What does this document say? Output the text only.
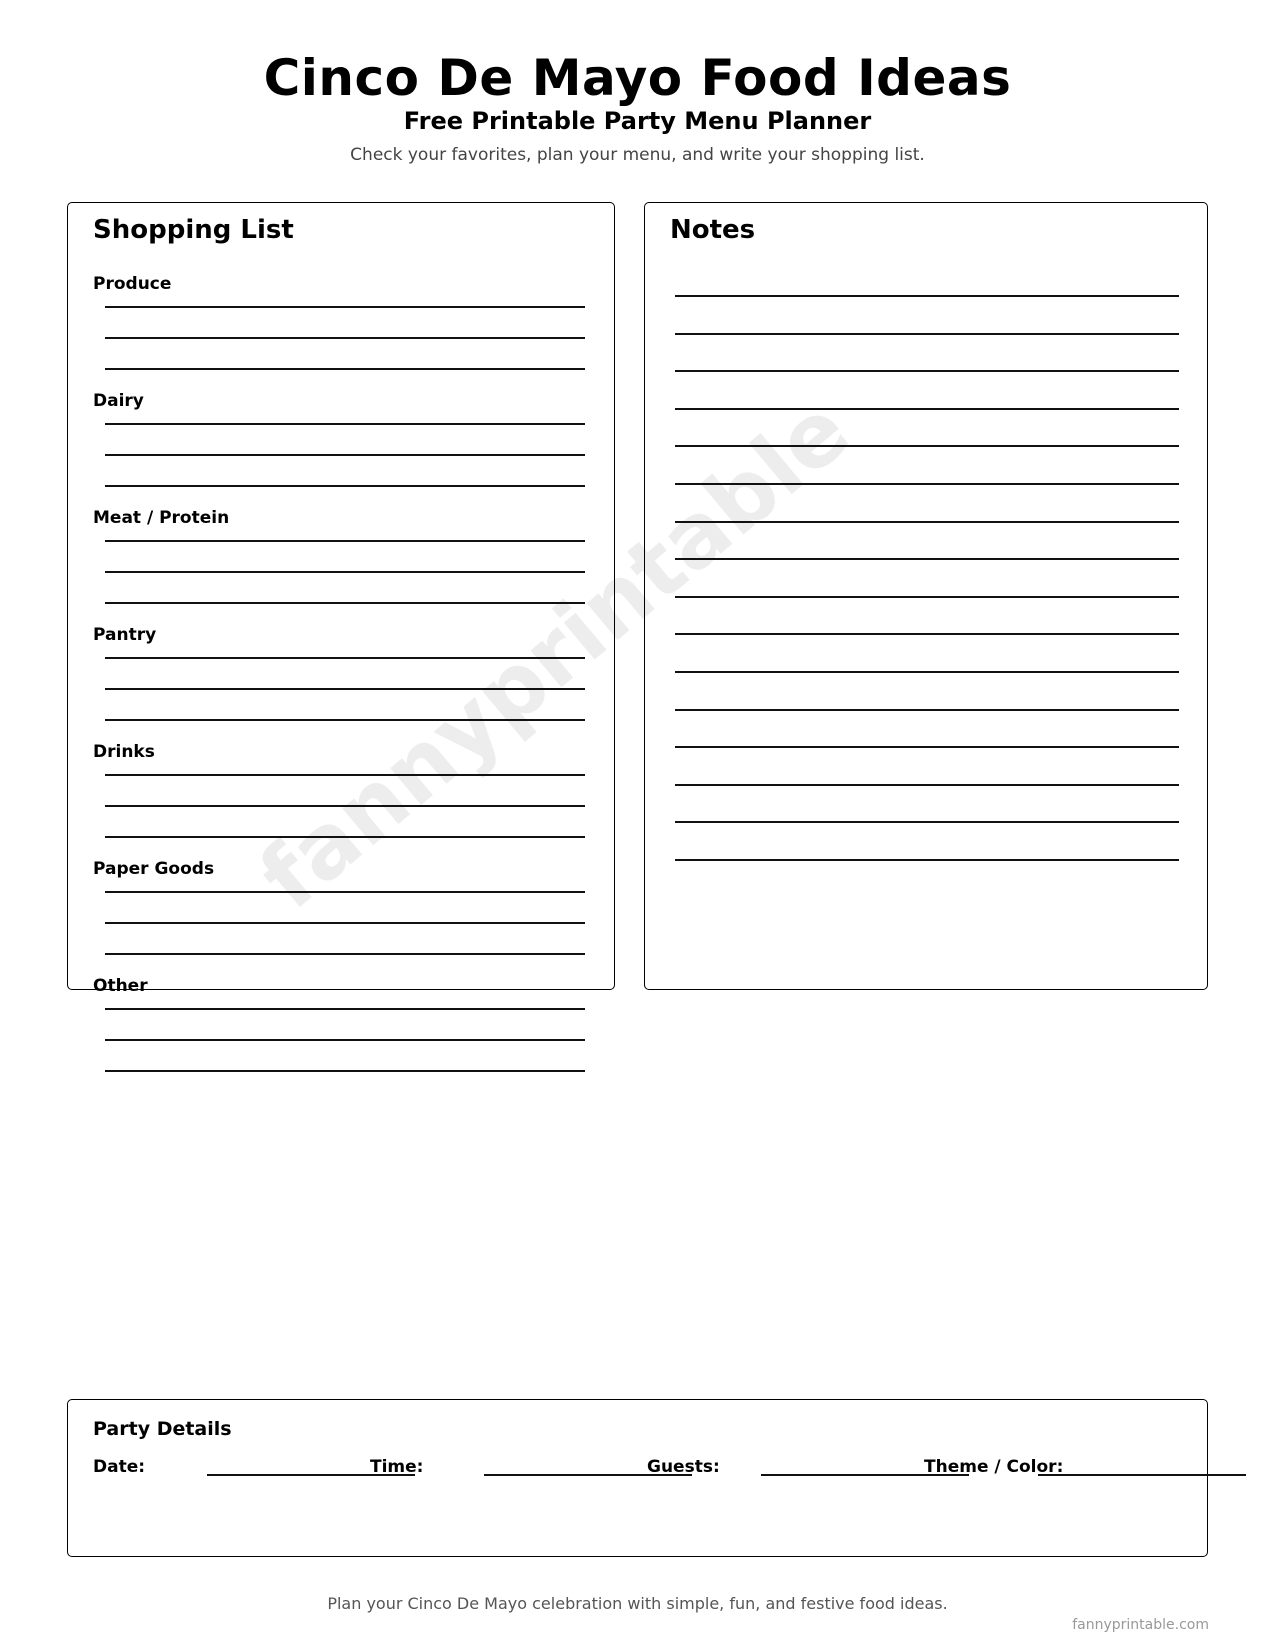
Cinco De Mayo Food Ideas
Free Printable Party Menu Planner
Check your favorites, plan your menu, and write your shopping list.
fannyprintable
Shopping List
Produce
Dairy
Meat / Protein
Pantry
Drinks
Paper Goods
Other
Notes
Party Details
Date:	Time:	Guests:	Theme / Color:
Plan your Cinco De Mayo celebration with simple, fun, and festive food ideas.
fannyprintable.com
